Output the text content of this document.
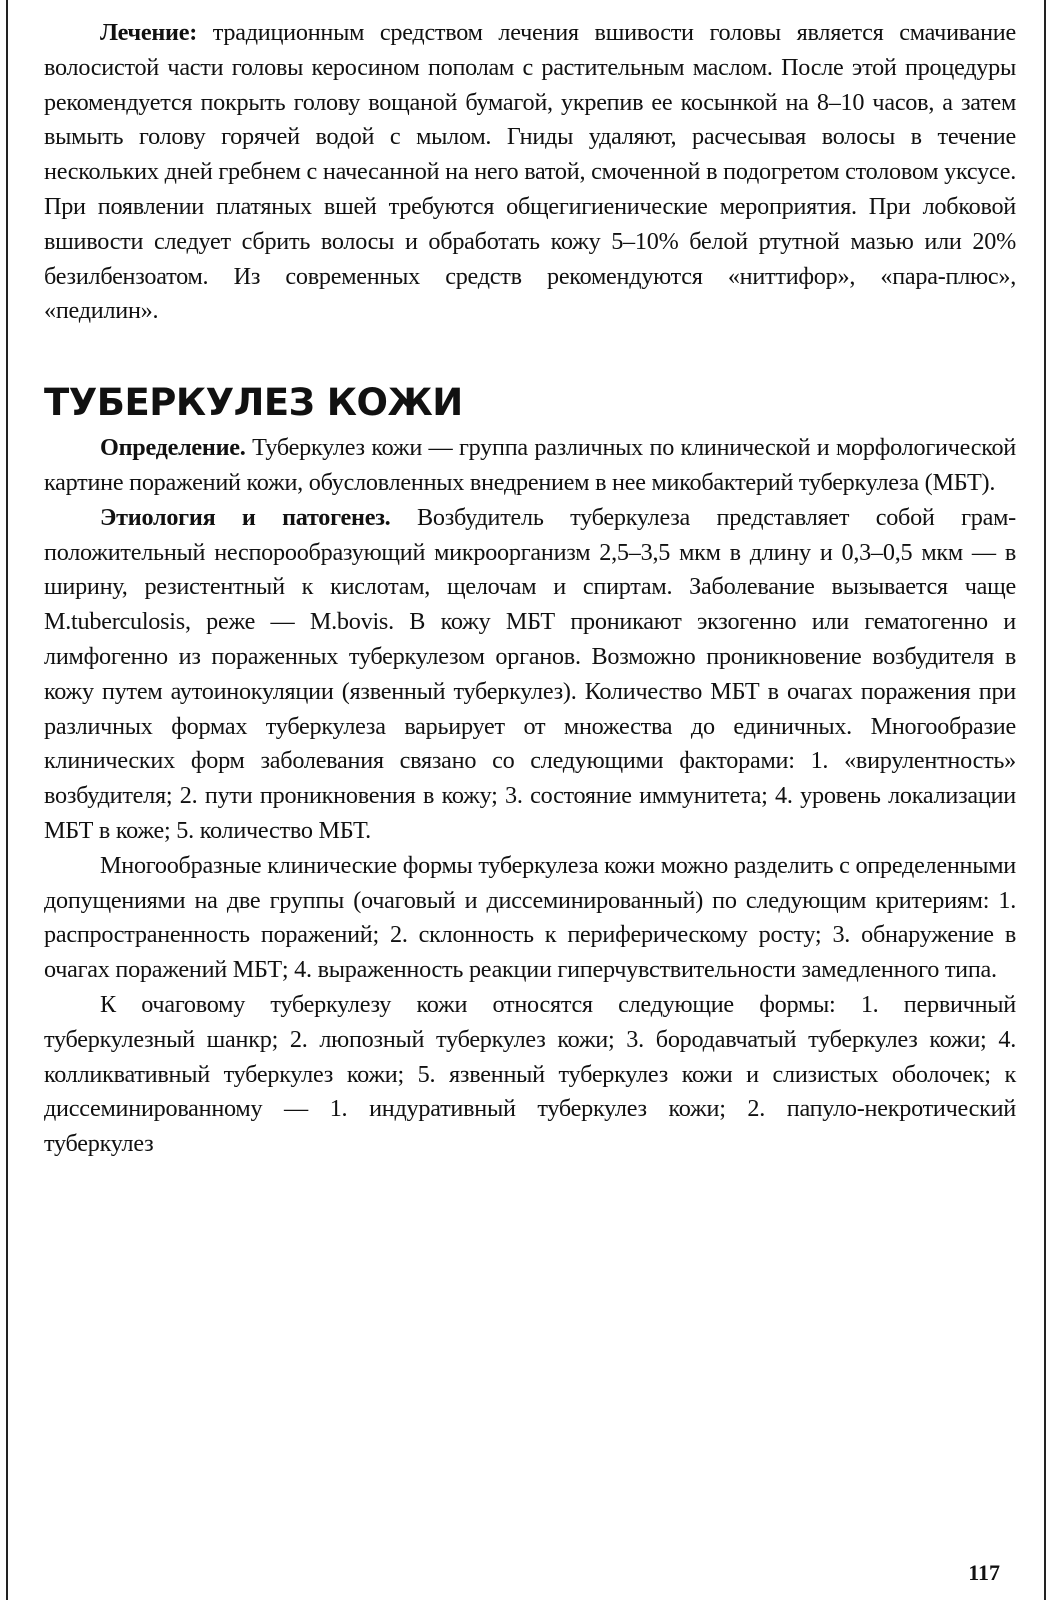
Лечение: традиционным средством лечения вшивости головы является смачивание волосистой части головы керосином пополам с растительным маслом. После этой процедуры рекомендуется покрыть голову вощаной бумагой, укрепив ее косынкой на 8–10 часов, а затем вымыть голову горячей водой с мылом. Гниды удаляют, расчесывая волосы в течение нескольких дней гребнем с начесанной на него ватой, смоченной в подогретом столовом уксусе. При появлении платяных вшей требуются общегигиенические мероприятия. При лобковой вшивости следует сбрить волосы и обработать кожу 5–10% белой ртутной мазью или 20% безилбензоатом. Из современных средств рекомендуются «ниттифор», «пара-плюс», «педилин».

ТУБЕРКУЛЕЗ КОЖИ

Определение. Туберкулез кожи — группа различных по клинической и морфологической картине поражений кожи, обусловленных внедрением в нее микобактерий туберкулеза (МБТ).

Этиология и патогенез. Возбудитель туберкулеза представляет собой грам-положительный неспорообразующий микроорганизм 2,5–3,5 мкм в длину и 0,3–0,5 мкм — в ширину, резистентный к кислотам, щелочам и спиртам. Заболевание вызывается чаще M.tuberculosis, реже — M.bovis. В кожу МБТ проникают экзогенно или гематогенно и лимфогенно из пораженных туберкулезом органов. Возможно проникновение возбудителя в кожу путем аутоинокуляции (язвенный туберкулез). Количество МБТ в очагах поражения при различных формах туберкулеза варьирует от множества до единичных. Многообразие клинических форм заболевания связано со следующими факторами: 1. «вирулентность» возбудителя; 2. пути проникновения в кожу; 3. состояние иммунитета; 4. уровень локализации МБТ в коже; 5. количество МБТ.

Многообразные клинические формы туберкулеза кожи можно разделить с определенными допущениями на две группы (очаговый и диссеминированный) по следующим критериям: 1. распространенность поражений; 2. склонность к периферическому росту; 3. обнаружение в очагах поражений МБТ; 4. выраженность реакции гиперчувствительности замедленного типа.

К очаговому туберкулезу кожи относятся следующие формы: 1. первичный туберкулезный шанкр; 2. люпозный туберкулез кожи; 3. бородавчатый туберкулез кожи; 4. колликвативный туберкулез кожи; 5. язвенный туберкулез кожи и слизистых оболочек; к диссеминированному — 1. индуративный туберкулез кожи; 2. папуло-некротический туберкулез

117
